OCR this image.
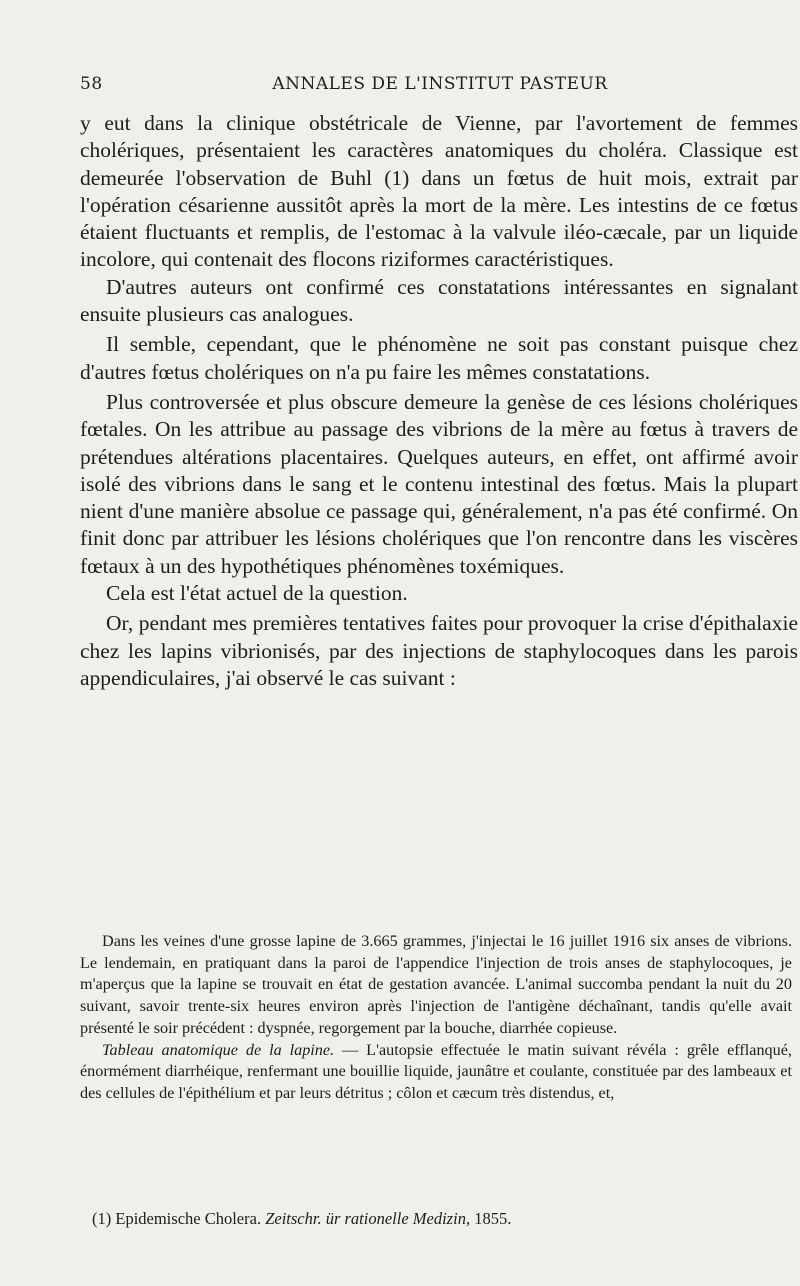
58	ANNALES DE L'INSTITUT PASTEUR

y eut dans la clinique obstétricale de Vienne, par l'avortement de femmes cholériques, présentaient les caractères anatomiques du choléra. Classique est demeurée l'observation de Buhl (1) dans un fœtus de huit mois, extrait par l'opération césarienne aussitôt après la mort de la mère. Les intestins de ce fœtus étaient fluctuants et remplis, de l'estomac à la valvule iléo-cæcale, par un liquide incolore, qui contenait des flocons riziformes caractéristiques.

D'autres auteurs ont confirmé ces constatations intéressantes en signalant ensuite plusieurs cas analogues.

Il semble, cependant, que le phénomène ne soit pas constant puisque chez d'autres fœtus cholériques on n'a pu faire les mêmes constatations.

Plus controversée et plus obscure demeure la genèse de ces lésions cholériques fœtales. On les attribue au passage des vibrions de la mère au fœtus à travers de prétendues altérations placentaires. Quelques auteurs, en effet, ont affirmé avoir isolé des vibrions dans le sang et le contenu intestinal des fœtus. Mais la plupart nient d'une manière absolue ce passage qui, généralement, n'a pas été confirmé. On finit donc par attribuer les lésions cholériques que l'on rencontre dans les viscères fœtaux à un des hypothétiques phénomènes toxémiques.

Cela est l'état actuel de la question.

Or, pendant mes premières tentatives faites pour provoquer la crise d'épithalaxie chez les lapins vibrionisés, par des injections de staphylocoques dans les parois appendiculaires, j'ai observé le cas suivant :

Dans les veines d'une grosse lapine de 3.665 grammes, j'injectai le 16 juillet 1916 six anses de vibrions. Le lendemain, en pratiquant dans la paroi de l'appendice l'injection de trois anses de staphylocoques, je m'aperçus que la lapine se trouvait en état de gestation avancée. L'animal succomba pendant la nuit du 20 suivant, savoir trente-six heures environ après l'injection de l'antigène déchaînant, tandis qu'elle avait présenté le soir précédent : dyspnée, regorgement par la bouche, diarrhée copieuse.

Tableau anatomique de la lapine. — L'autopsie effectuée le matin suivant révéla : grêle efflanqué, énormément diarrhéique, renfermant une bouillie liquide, jaunâtre et coulante, constituée par des lambeaux et des cellules de l'épithélium et par leurs détritus ; côlon et cæcum très distendus, et,

(1) Epidemische Cholera. Zeitschr. ür rationelle Medizin, 1855.
